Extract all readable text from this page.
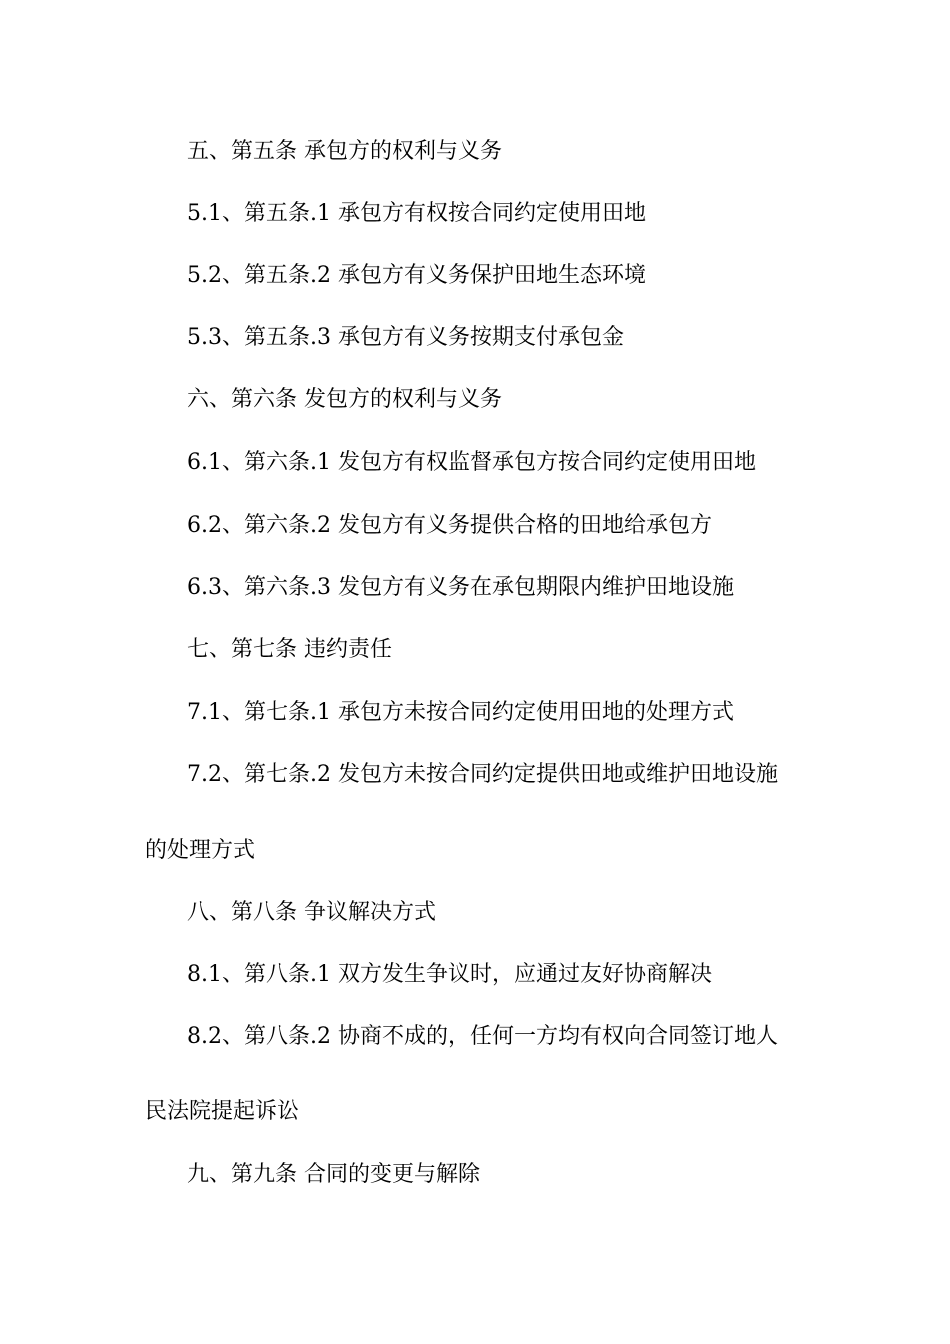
五、第五条 承包方的权利与义务
5.1、第五条.1 承包方有权按合同约定使用田地
5.2、第五条.2 承包方有义务保护田地生态环境
5.3、第五条.3 承包方有义务按期支付承包金
六、第六条 发包方的权利与义务
6.1、第六条.1 发包方有权监督承包方按合同约定使用田地
6.2、第六条.2 发包方有义务提供合格的田地给承包方
6.3、第六条.3 发包方有义务在承包期限内维护田地设施
七、第七条 违约责任
7.1、第七条.1 承包方未按合同约定使用田地的处理方式
7.2、第七条.2 发包方未按合同约定提供田地或维护田地设施
的处理方式
八、第八条 争议解决方式
8.1、第八条.1 双方发生争议时，应通过友好协商解决
8.2、第八条.2 协商不成的，任何一方均有权向合同签订地人
民法院提起诉讼
九、第九条 合同的变更与解除
